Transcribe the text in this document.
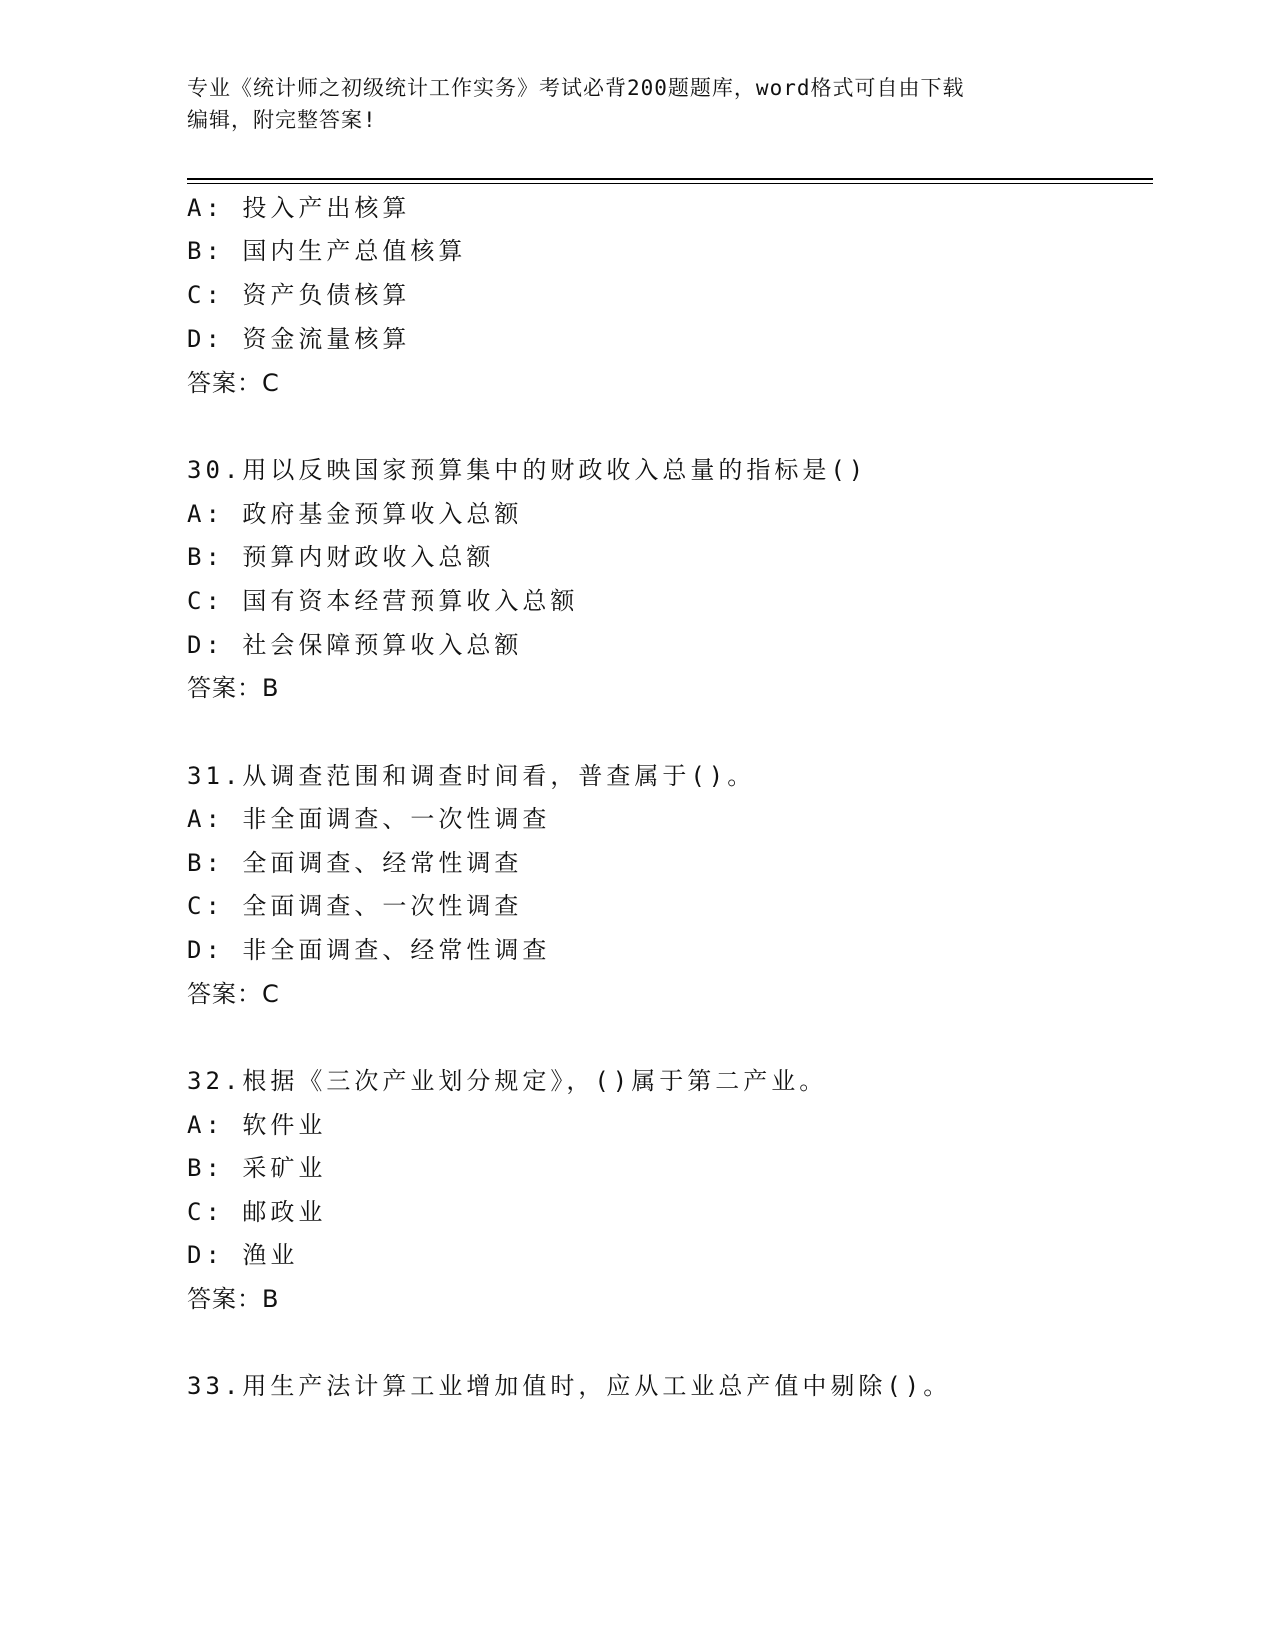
专业《统计师之初级统计工作实务》考试必背200题题库，word格式可自由下载
编辑，附完整答案!
A: 投入产出核算
B: 国内生产总值核算
C: 资产负债核算
D: 资金流量核算
答案：C
30.用以反映国家预算集中的财政收入总量的指标是()
A: 政府基金预算收入总额
B: 预算内财政收入总额
C: 国有资本经营预算收入总额
D: 社会保障预算收入总额
答案：B
31.从调查范围和调查时间看，普查属于()。
A: 非全面调查、一次性调查
B: 全面调查、经常性调查
C: 全面调查、一次性调查
D: 非全面调查、经常性调查
答案：C
32.根据《三次产业划分规定》，()属于第二产业。
A: 软件业
B: 采矿业
C: 邮政业
D: 渔业
答案：B
33.用生产法计算工业增加值时，应从工业总产值中剔除()。
